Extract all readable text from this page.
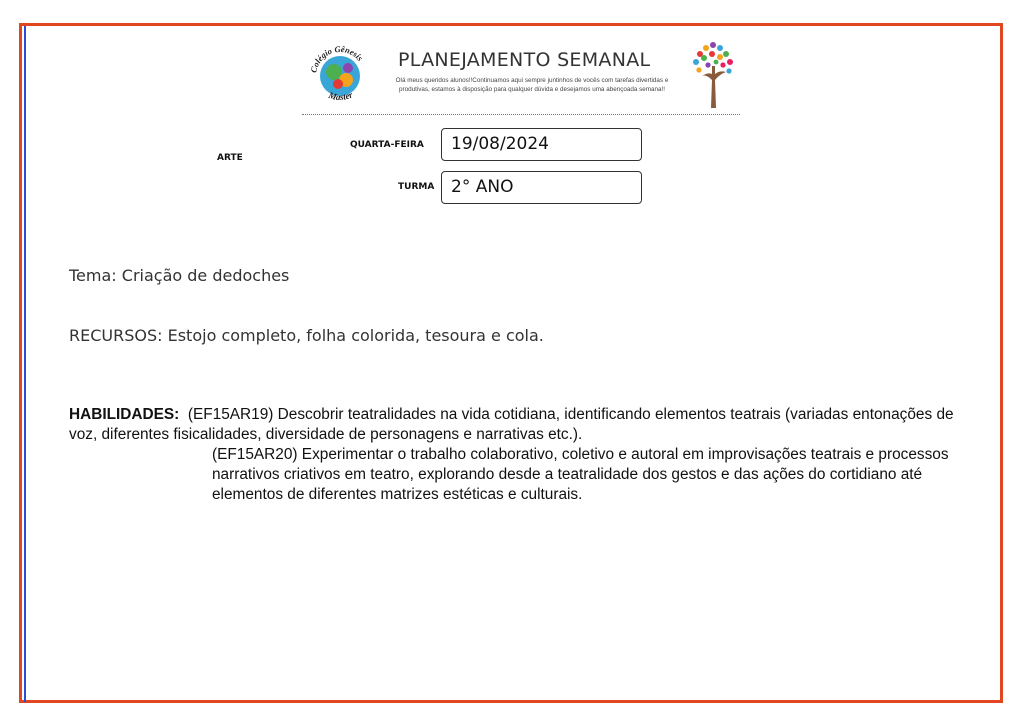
Colégio Gênesis
Master
PLANEJAMENTO SEMANAL
Olá meus queridos alunos!!Continuamos aqui sempre juntinhos de vocês com tarefas divertidas e produtivas, estamos à disposição para qualquer dúvida e desejamos uma abençoada semana!!
ARTE
QUARTA-FEIRA	19/08/2024
TURMA 2° ANO
Tema: Criação de dedoches
RECURSOS: Estojo completo, folha colorida, tesoura e cola.
HABILIDADES: (EF15AR19) Descobrir teatralidades na vida cotidiana, identificando elementos teatrais (variadas entonações de voz, diferentes fisicalidades, diversidade de personagens e narrativas etc.).
(EF15AR20) Experimentar o trabalho colaborativo, coletivo e autoral em improvisações teatrais e processos narrativos criativos em teatro, explorando desde a teatralidade dos gestos e das ações do cortidiano até elementos de diferentes matrizes estéticas e culturais.
